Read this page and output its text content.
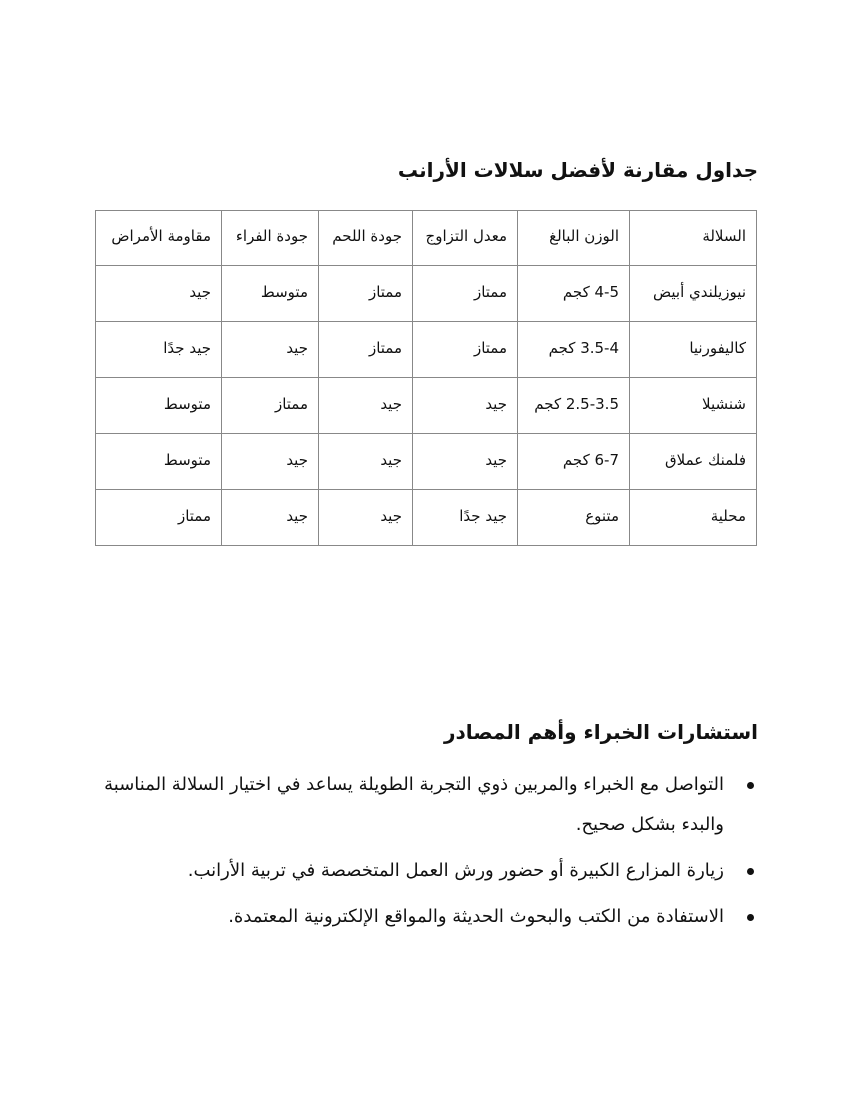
جداول مقارنة لأفضل سلالات الأرانب
السلالة	الوزن البالغ	معدل التزاوج	جودة اللحم	جودة الفراء	مقاومة الأمراض
نيوزيلندي أبيض	4-5 كجم	ممتاز	ممتاز	متوسط	جيد
كاليفورنيا	3.5-4 كجم	ممتاز	ممتاز	جيد	جيد جدًا
شنشيلا	2.5-3.5 كجم	جيد	جيد	ممتاز	متوسط
فلمنك عملاق	6-7 كجم	جيد	جيد	جيد	متوسط
محلية	متنوع	جيد جدًا	جيد	جيد	ممتاز
استشارات الخبراء وأهم المصادر
التواصل مع الخبراء والمربين ذوي التجربة الطويلة يساعد في اختيار السلالة المناسبة والبدء بشكل صحيح.
زيارة المزارع الكبيرة أو حضور ورش العمل المتخصصة في تربية الأرانب.
الاستفادة من الكتب والبحوث الحديثة والمواقع الإلكترونية المعتمدة.
